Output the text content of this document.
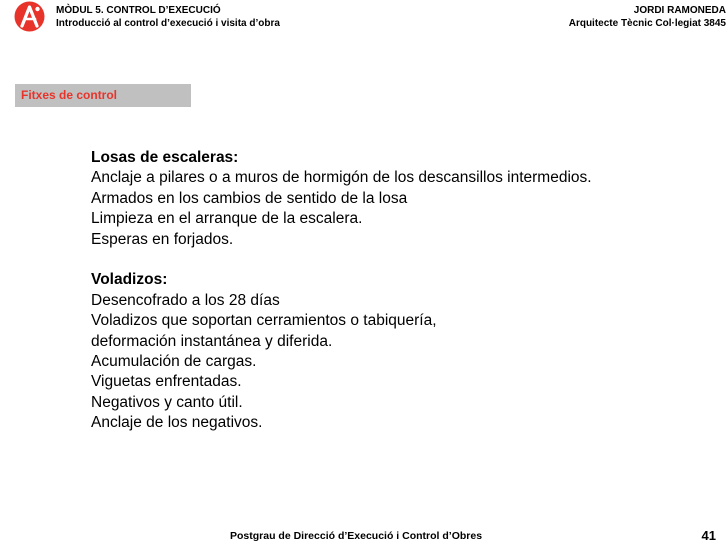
MÒDUL 5. CONTROL D’EXECUCIÓ
Introducció al control d’execució i visita d’obra
JORDI RAMONEDA
Arquitecte Tècnic Col·legiat 3845
Fitxes de control
Losas de escaleras:
Anclaje a pilares o a muros de hormigón de los descansillos intermedios.
Armados en los cambios de sentido de la losa
Limpieza en el arranque de la escalera.
Esperas en forjados.
Voladizos:
Desencofrado a los 28 días
Voladizos que soportan cerramientos o tabiquería,
deformación instantánea y diferida.
Acumulación de cargas.
Viguetas enfrentadas.
Negativos y canto útil.
Anclaje de los negativos.
Postgrau de Direcció d’Execució i Control d’Obres	41
